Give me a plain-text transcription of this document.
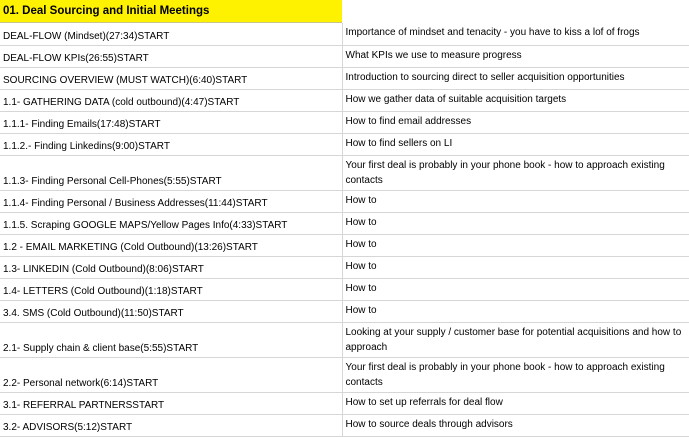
01. Deal Sourcing and Initial Meetings

DEAL-FLOW (Mindset)(27:34)START	Importance of mindset and tenacity - you have to kiss a lof of frogs
DEAL-FLOW KPIs(26:55)START	What KPIs we use to measure progress
SOURCING OVERVIEW (MUST WATCH)(6:40)START	Introduction to sourcing direct to seller acquisition opportunities
1.1- GATHERING DATA (cold outbound)(4:47)START	How we gather data of suitable acquisition targets
1.1.1- Finding Emails(17:48)START	How to find email addresses
1.1.2.- Finding Linkedins(9:00)START	How to find sellers on LI
1.1.3- Finding Personal Cell-Phones(5:55)START	Your first deal is probably in your phone book - how to approach existing contacts
1.1.4- Finding Personal / Business Addresses(11:44)START	How to
1.1.5. Scraping GOOGLE MAPS/Yellow Pages Info(4:33)START	How to
1.2 - EMAIL MARKETING (Cold Outbound)(13:26)START	How to
1.3- LINKEDIN (Cold Outbound)(8:06)START	How to
1.4- LETTERS (Cold Outbound)(1:18)START	How to
3.4. SMS (Cold Outbound)(11:50)START	How to
2.1- Supply chain & client base(5:55)START	Looking at your supply / customer base for potential acquisitions and how to approach
2.2- Personal network(6:14)START	Your first deal is probably in your phone book - how to approach existing contacts
3.1- REFERRAL PARTNERSSTART	How to set up referrals for deal flow
3.2- ADVISORS(5:12)START	How to source deals through advisors
